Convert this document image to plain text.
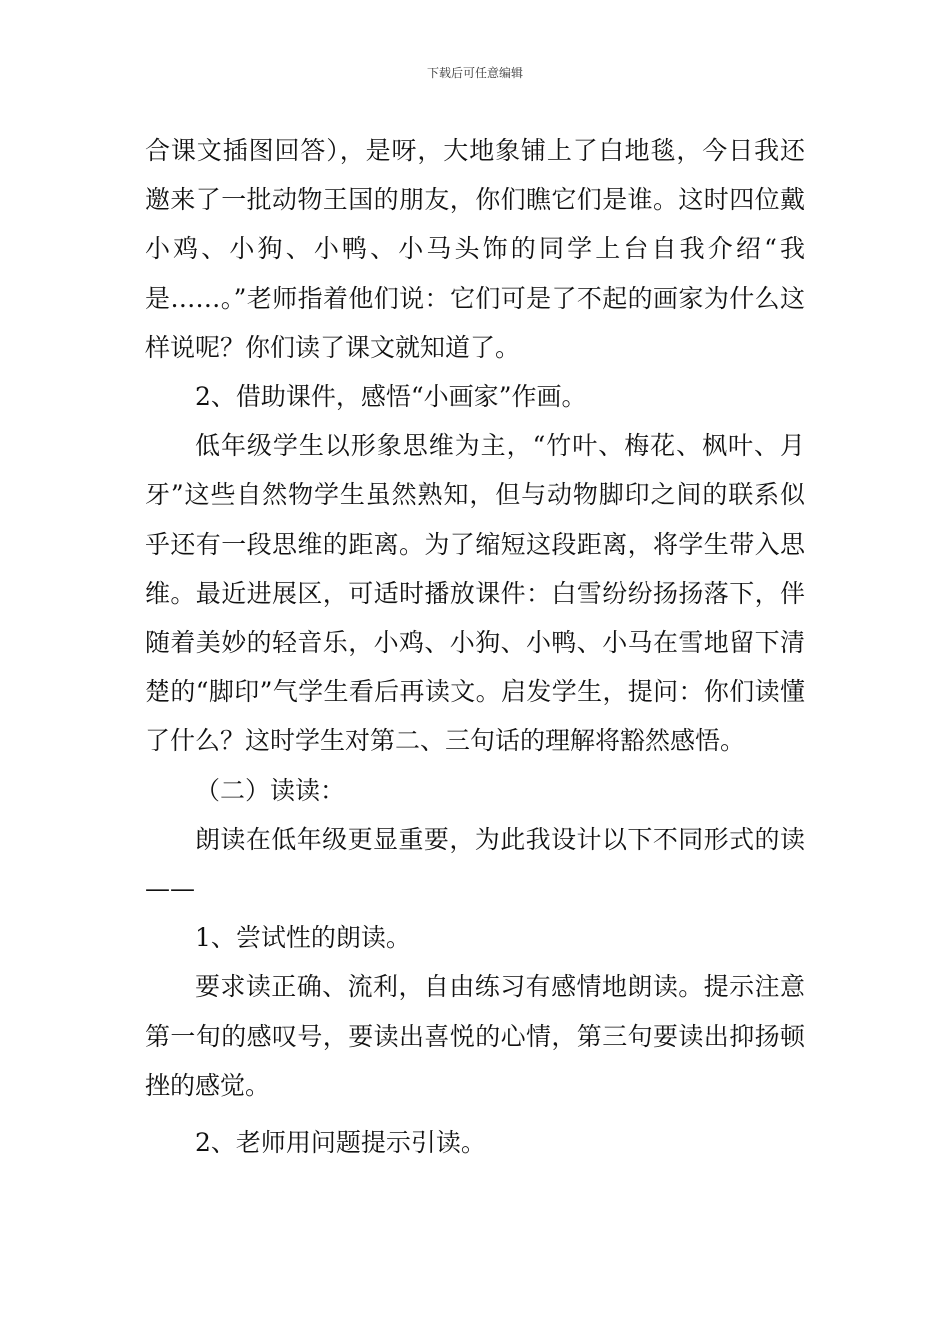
下载后可任意编辑

合课文插图回答），是呀，大地象铺上了白地毯，今日我还邀来了一批动物王国的朋友，你们瞧它们是谁。这时四位戴小鸡、小狗、小鸭、小马头饰的同学上台自我介绍“我是……。”老师指着他们说：它们可是了不起的画家为什么这样说呢？你们读了课文就知道了。

2、借助课件，感悟“小画家”作画。

低年级学生以形象思维为主，“竹叶、梅花、枫叶、月牙”这些自然物学生虽然熟知，但与动物脚印之间的联系似乎还有一段思维的距离。为了缩短这段距离，将学生带入思维。最近进展区，可适时播放课件：白雪纷纷扬扬落下，伴随着美妙的轻音乐，小鸡、小狗、小鸭、小马在雪地留下清楚的“脚印”气学生看后再读文。启发学生，提问：你们读懂了什么？这时学生对第二、三句话的理解将豁然感悟。

（二）读读：

朗读在低年级更显重要，为此我设计以下不同形式的读——

1、尝试性的朗读。

要求读正确、流利，自由练习有感情地朗读。提示注意第一旬的感叹号，要读出喜悦的心情，第三句要读出抑扬顿挫的感觉。

2、老师用问题提示引读。
